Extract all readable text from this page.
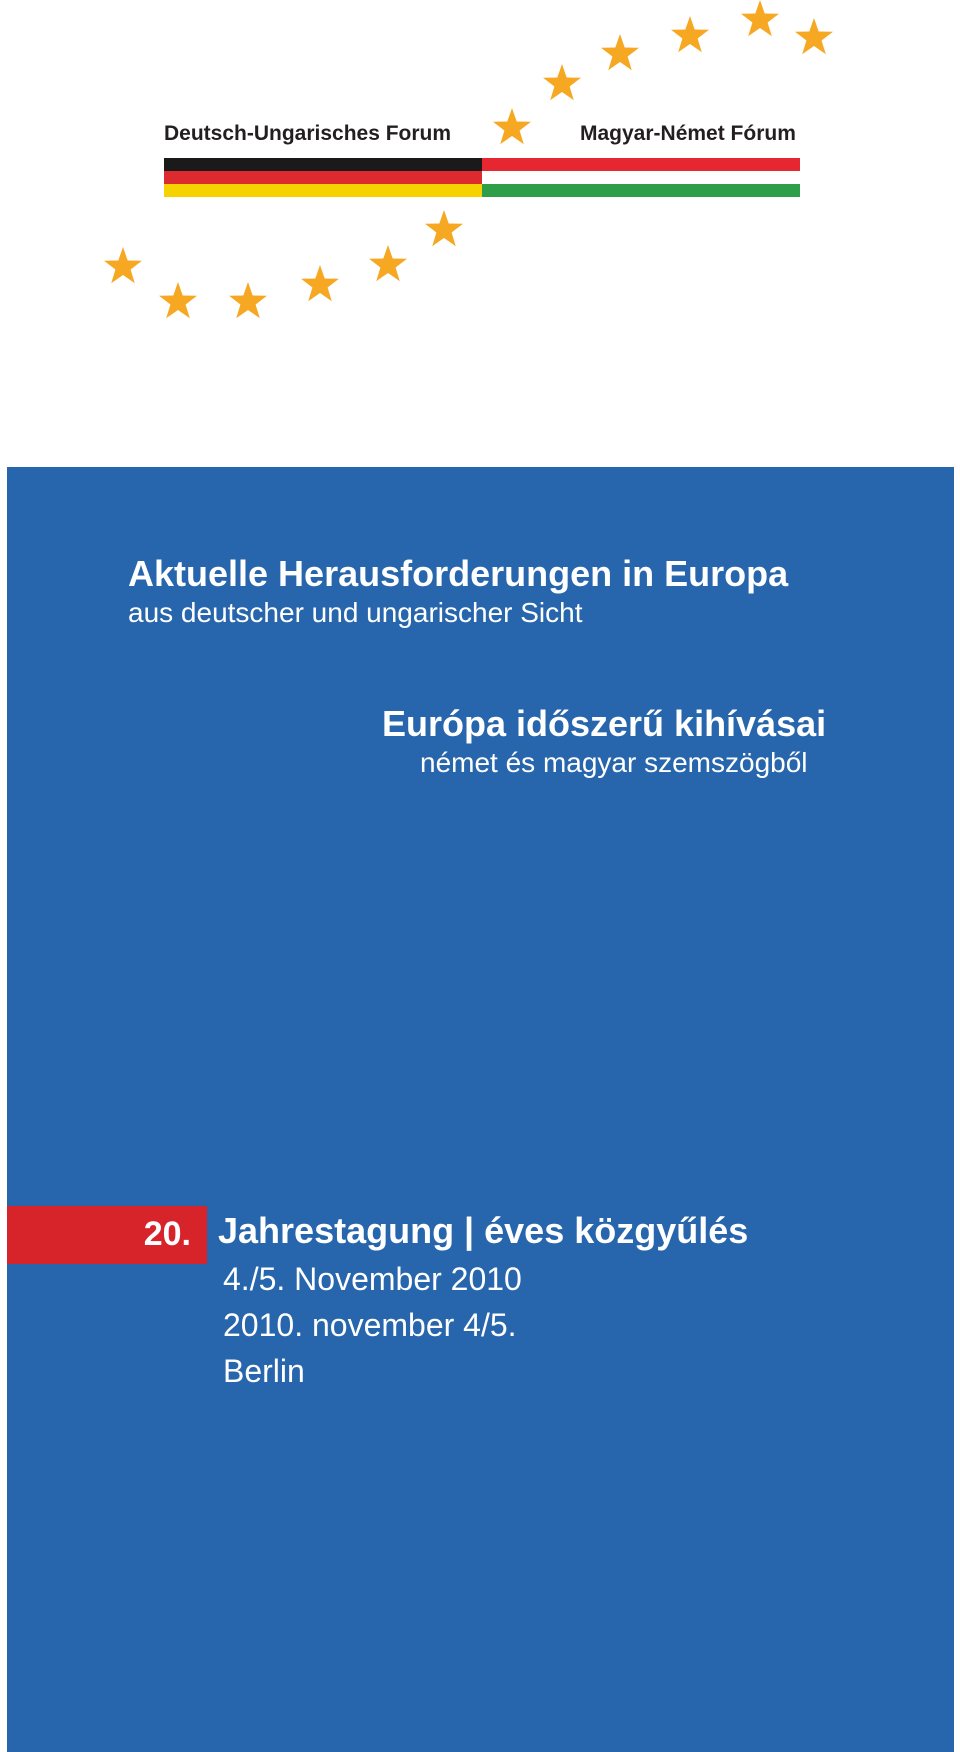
Deutsch-Ungarisches Forum	Magyar-Német Fórum
Aktuelle Herausforderungen in Europa
aus deutscher und ungarischer Sicht
Európa időszerű kihívásai
német és magyar szemszögből
20. Jahrestagung | éves közgyűlés
4./5. November 2010
2010. november 4/5.
Berlin
